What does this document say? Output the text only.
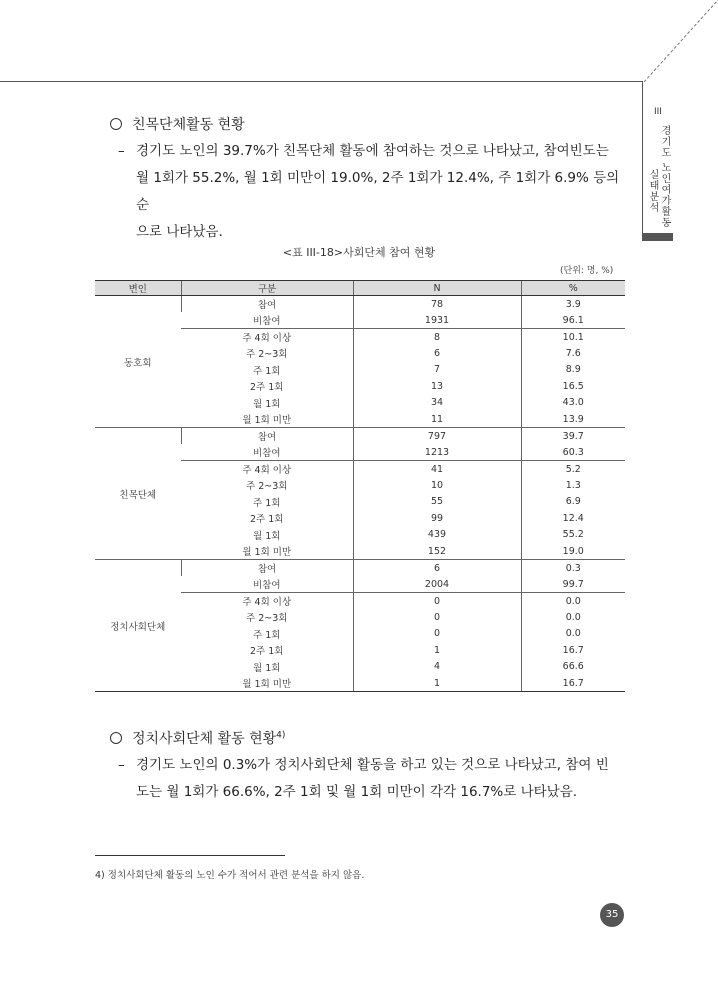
III
경기도 노인여가활동
실태분석
친목단체활동 현황
– 경기도 노인의 39.7%가 친목단체 활동에 참여하는 것으로 나타났고, 참여빈도는
월 1회가 55.2%, 월 1회 미만이 19.0%, 2주 1회가 12.4%, 주 1회가 6.9% 등의 순
으로 나타났음.
<표 III-18>사회단체 참여 현황
(단위: 명, %)
변인	구분	N	%
동호회	참여	78	3.9
	비참여	1931	96.1
	주 4회 이상	8	10.1
	주 2~3회	6	7.6
	주 1회	7	8.9
	2주 1회	13	16.5
	월 1회	34	43.0
	월 1회 미만	11	13.9
친목단체	참여	797	39.7
	비참여	1213	60.3
	주 4회 이상	41	5.2
	주 2~3회	10	1.3
	주 1회	55	6.9
	2주 1회	99	12.4
	월 1회	439	55.2
	월 1회 미만	152	19.0
정치사회단체	참여	6	0.3
	비참여	2004	99.7
	주 4회 이상	0	0.0
	주 2~3회	0	0.0
	주 1회	0	0.0
	2주 1회	1	16.7
	월 1회	4	66.6
	월 1회 미만	1	16.7
정치사회단체 활동 현황$^{4)}$
– 경기도 노인의 0.3%가 정치사회단체 활동을 하고 있는 것으로 나타났고, 참여 빈
도는 월 1회가 66.6%, 2주 1회 및 월 1회 미만이 각각 16.7%로 나타났음.
4) 정치사회단체 활동의 노인 수가 적어서 관련 분석을 하지 않음.
35
